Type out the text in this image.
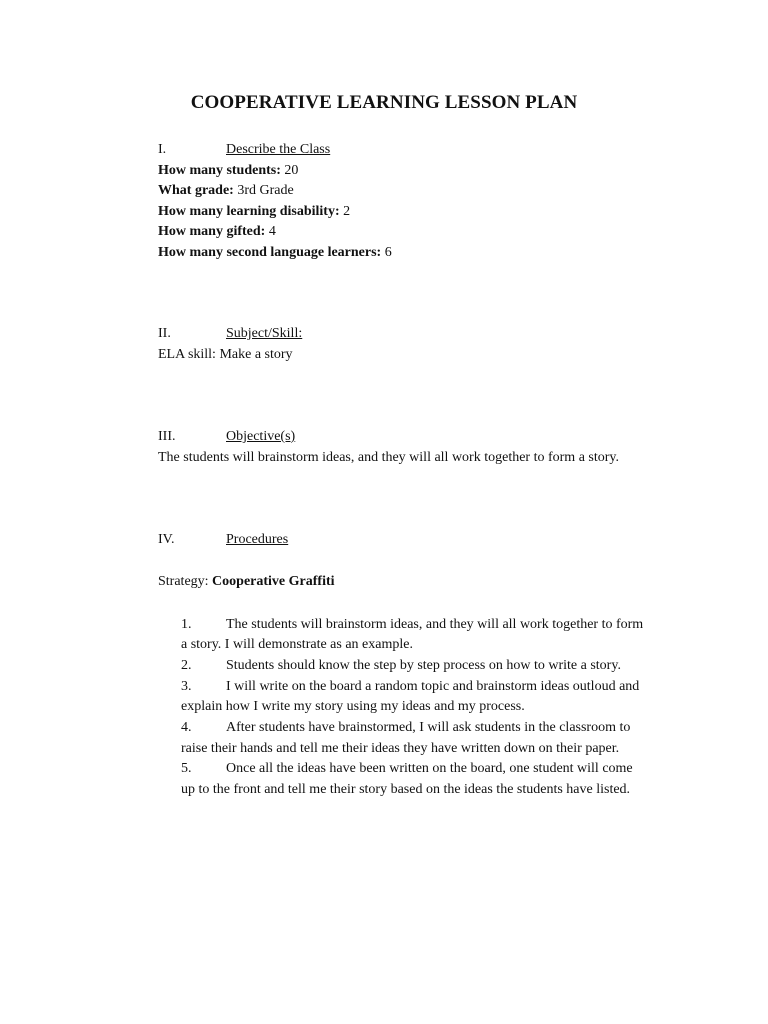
COOPERATIVE LEARNING LESSON PLAN
I.	Describe the Class
How many students: 20
What grade: 3rd Grade
How many learning disability: 2
How many gifted: 4
How many second language learners: 6
II.	Subject/Skill:
ELA skill: Make a story
III.	Objective(s)
The students will brainstorm ideas, and they will all work together to form a story.
IV.	Procedures
Strategy: Cooperative Graffiti
1. The students will brainstorm ideas, and they will all work together to form
a story. I will demonstrate as an example.
2. Students should know the step by step process on how to write a story.
3. I will write on the board a random topic and brainstorm ideas outloud and
explain how I write my story using my ideas and my process.
4. After students have brainstormed, I will ask students in the classroom to
raise their hands and tell me their ideas they have written down on their paper.
5. Once all the ideas have been written on the board, one student will come
up to the front and tell me their story based on the ideas the students have listed.
